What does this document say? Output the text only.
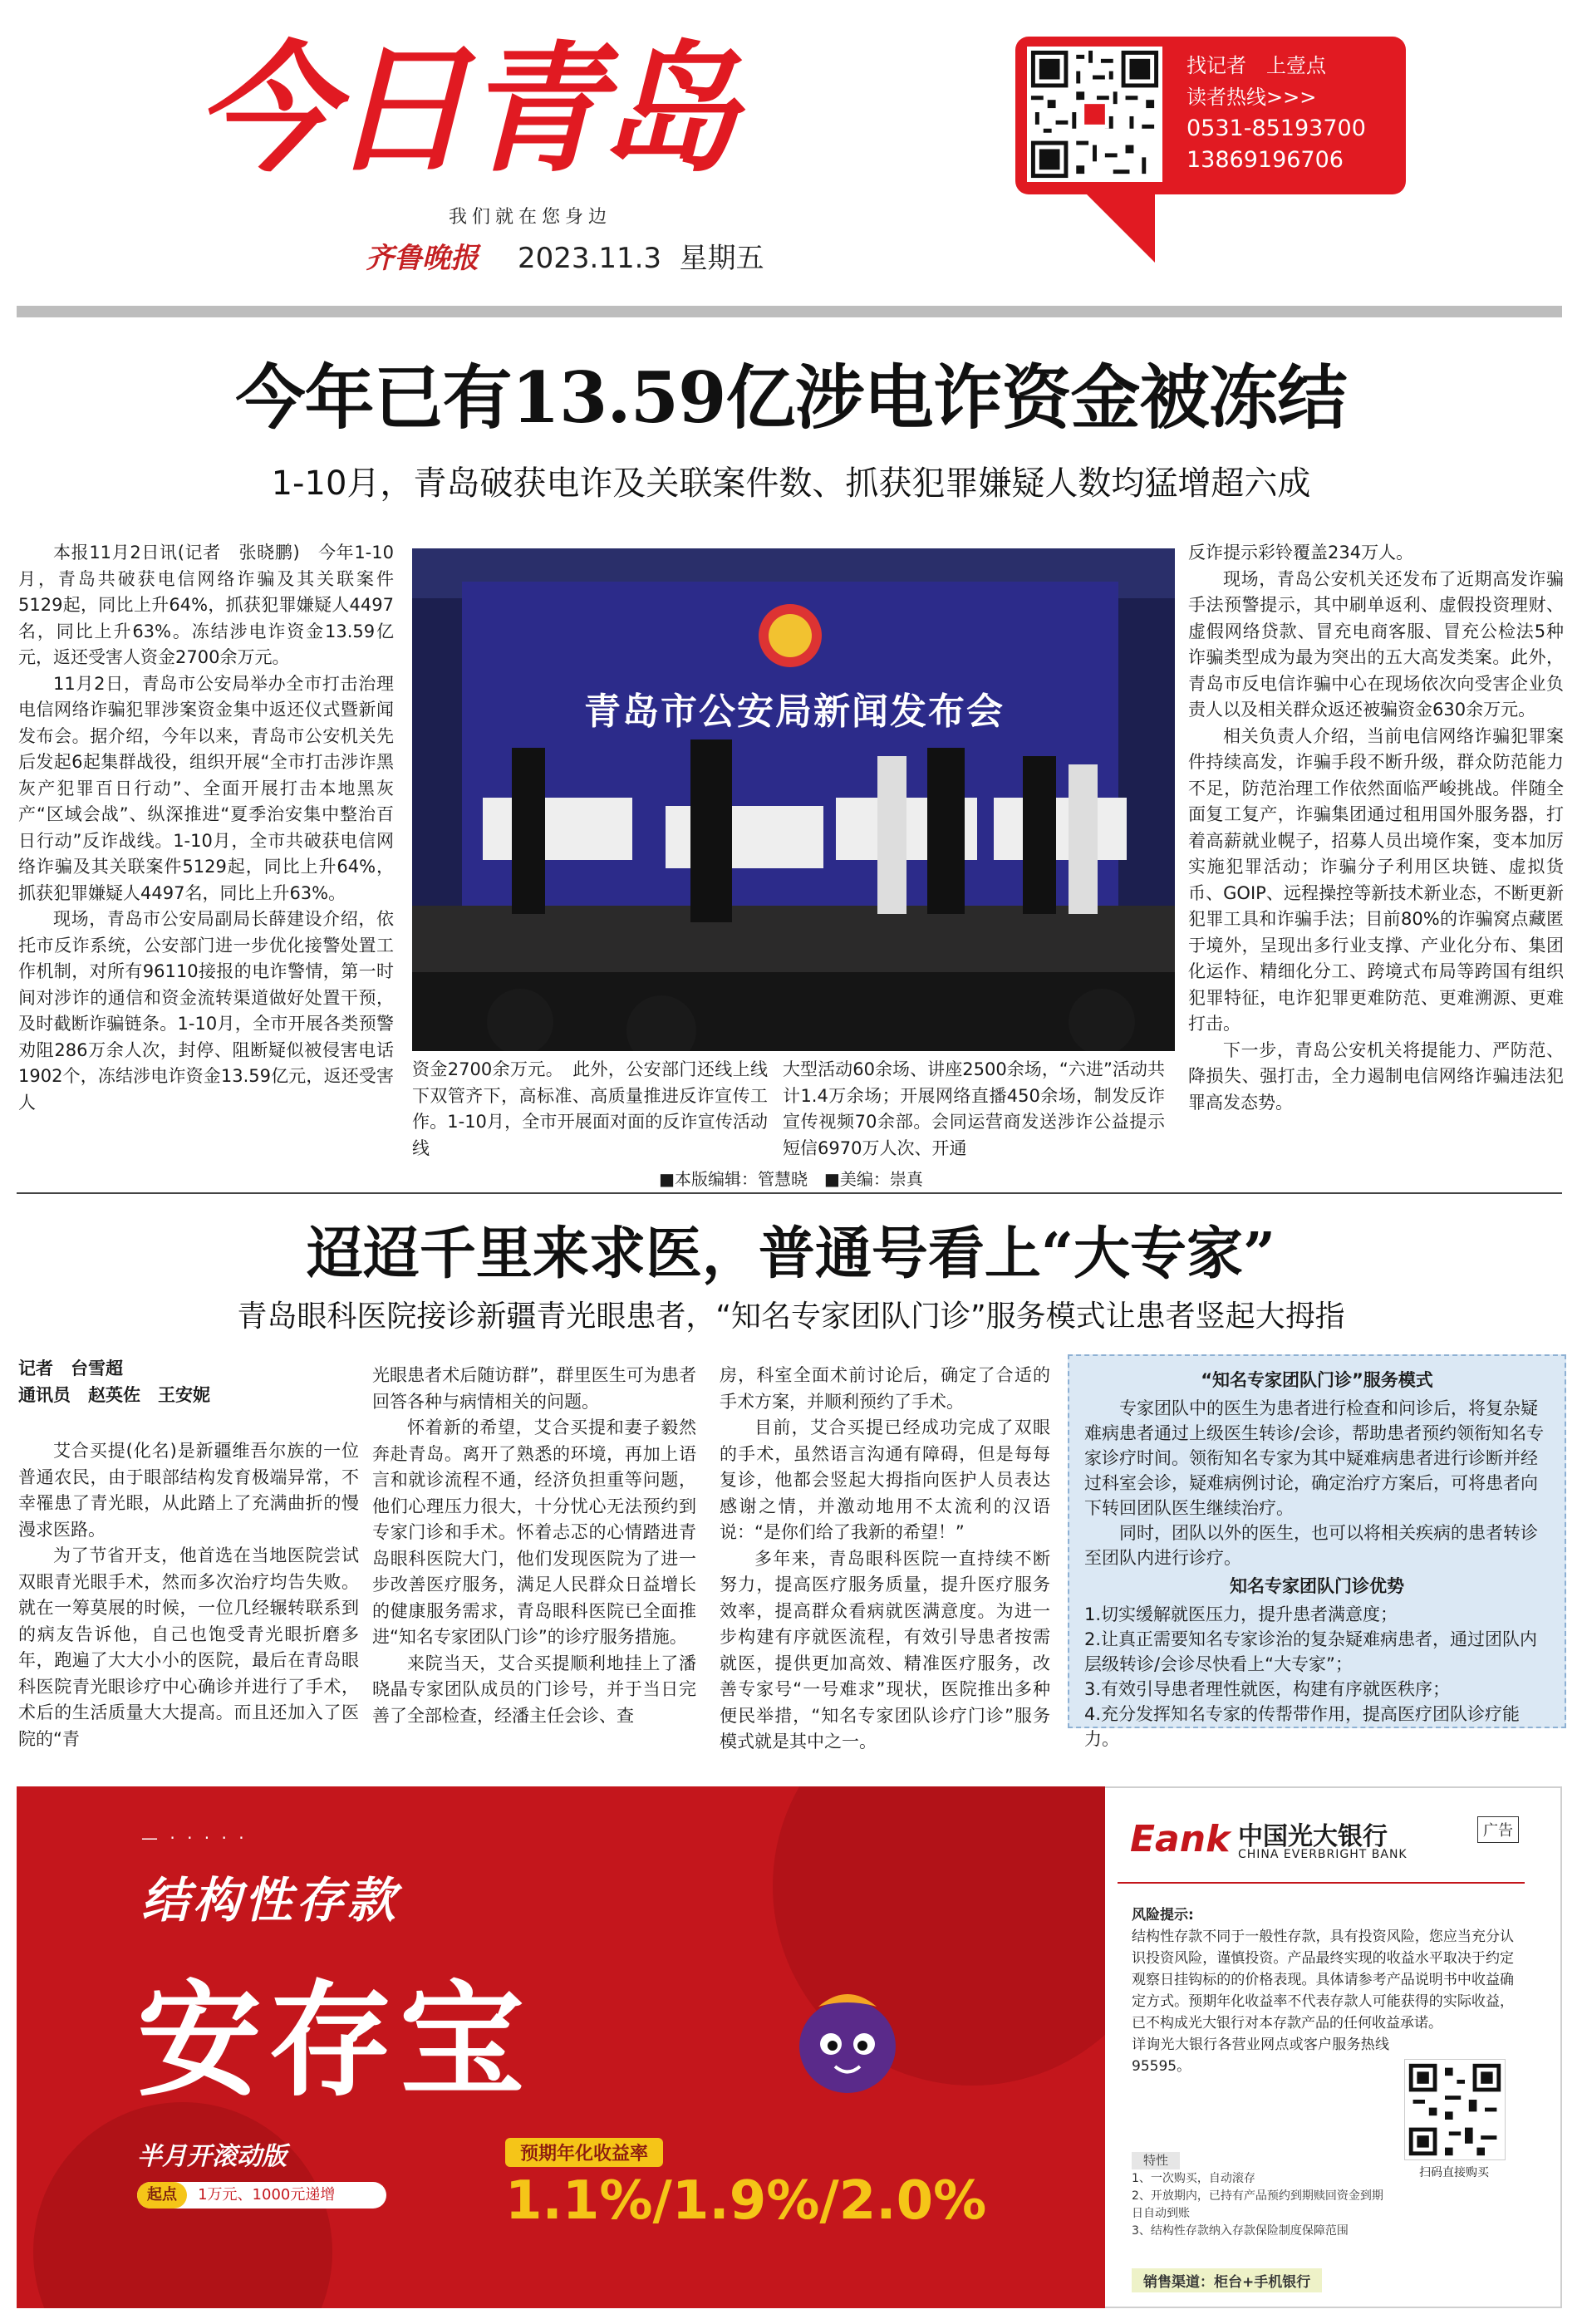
今日青岛
我们就在您身边
齐鲁晚报 2023.11.3 星期五
找记者　上壹点
读者热线>>>
0531-85193700
13869196706
今年已有13.59亿涉电诈资金被冻结
1-10月，青岛破获电诈及关联案件数、抓获犯罪嫌疑人数均猛增超六成

本报11月2日讯(记者　张晓鹏)　今年1-10月，青岛共破获电信网络诈骗及其关联案件5129起，同比上升64%，抓获犯罪嫌疑人4497名，同比上升63%。冻结涉电诈资金13.59亿元，返还受害人资金2700余万元。

11月2日，青岛市公安局举办全市打击治理电信网络诈骗犯罪涉案资金集中返还仪式暨新闻发布会。据介绍，今年以来，青岛市公安机关先后发起6起集群战役，组织开展“全市打击涉诈黑灰产犯罪百日行动”、全面开展打击本地黑灰产“区域会战”、纵深推进“夏季治安集中整治百日行动”反诈战线。1-10月，全市共破获电信网络诈骗及其关联案件5129起，同比上升64%，抓获犯罪嫌疑人4497名，同比上升63%。

现场，青岛市公安局副局长薛建设介绍，依托市反诈系统，公安部门进一步优化接警处置工作机制，对所有96110接报的电诈警情，第一时间对涉诈的通信和资金流转渠道做好处置干预，及时截断诈骗链条。1-10月，全市开展各类预警劝阻286万余人次，封停、阻断疑似被侵害电话1902个，冻结涉电诈资金13.59亿元，返还受害人

青岛市公安局新闻发布会

资金2700余万元。　此外，公安部门还线上线下双管齐下，高标准、高质量推进反诈宣传工作。1-10月，全市开展面对面的反诈宣传活动线

大型活动60余场、讲座2500余场，“六进”活动共计1.4万余场；开展网络直播450余场，制发反诈宣传视频70余部。会同运营商发送涉诈公益提示短信6970万人次、开通

反诈提示彩铃覆盖234万人。

现场，青岛公安机关还发布了近期高发诈骗手法预警提示，其中刷单返利、虚假投资理财、虚假网络贷款、冒充电商客服、冒充公检法5种诈骗类型成为最为突出的五大高发类案。此外，青岛市反电信诈骗中心在现场依次向受害企业负责人以及相关群众返还被骗资金630余万元。

相关负责人介绍，当前电信网络诈骗犯罪案件持续高发，诈骗手段不断升级，群众防范能力不足，防范治理工作依然面临严峻挑战。伴随全面复工复产，诈骗集团通过租用国外服务器，打着高薪就业幌子，招募人员出境作案，变本加厉实施犯罪活动；诈骗分子利用区块链、虚拟货币、GOIP、远程操控等新技术新业态，不断更新犯罪工具和诈骗手法；目前80%的诈骗窝点藏匿于境外，呈现出多行业支撑、产业化分布、集团化运作、精细化分工、跨境式布局等跨国有组织犯罪特征，电诈犯罪更难防范、更难溯源、更难打击。

下一步，青岛公安机关将提能力、严防范、降损失、强打击，全力遏制电信网络诈骗违法犯罪高发态势。

■本版编辑：管慧晓　■美编：崇真
迢迢千里来求医，普通号看上“大专家”
青岛眼科医院接诊新疆青光眼患者，“知名专家团队门诊”服务模式让患者竖起大拇指
记者　台雪超
通讯员　赵英佐　王安妮

艾合买提(化名)是新疆维吾尔族的一位普通农民，由于眼部结构发育极端异常，不幸罹患了青光眼，从此踏上了充满曲折的慢漫求医路。

为了节省开支，他首选在当地医院尝试双眼青光眼手术，然而多次治疗均告失败。就在一筹莫展的时候，一位几经辗转联系到的病友告诉他，自己也饱受青光眼折磨多年，跑遍了大大小小的医院，最后在青岛眼科医院青光眼诊疗中心确诊并进行了手术，术后的生活质量大大提高。而且还加入了医院的“青

光眼患者术后随访群”，群里医生可为患者回答各种与病情相关的问题。

怀着新的希望，艾合买提和妻子毅然奔赴青岛。离开了熟悉的环境，再加上语言和就诊流程不通，经济负担重等问题，他们心理压力很大，十分忧心无法预约到专家门诊和手术。怀着忐忑的心情踏进青岛眼科医院大门，他们发现医院为了进一步改善医疗服务，满足人民群众日益增长的健康服务需求，青岛眼科医院已全面推进“知名专家团队门诊”的诊疗服务措施。

来院当天，艾合买提顺利地挂上了潘晓晶专家团队成员的门诊号，并于当日完善了全部检查，经潘主任会诊、查

房，科室全面术前讨论后，确定了合适的手术方案，并顺利预约了手术。

目前，艾合买提已经成功完成了双眼的手术，虽然语言沟通有障碍，但是每每复诊，他都会竖起大拇指向医护人员表达感谢之情，并激动地用不太流利的汉语说：“是你们给了我新的希望！”

多年来，青岛眼科医院一直持续不断努力，提高医疗服务质量，提升医疗服务效率，提高群众看病就医满意度。为进一步构建有序就医流程，有效引导患者按需就医，提供更加高效、精准医疗服务，改善专家号“一号难求”现状，医院推出多种便民举措，“知名专家团队诊疗门诊”服务模式就是其中之一。

“知名专家团队门诊”服务模式

专家团队中的医生为患者进行检查和问诊后，将复杂疑难病患者通过上级医生转诊/会诊，帮助患者预约领衔知名专家诊疗时间。领衔知名专家为其中疑难病患者进行诊断并经过科室会诊，疑难病例讨论，确定治疗方案后，可将患者向下转回团队医生继续治疗。

同时，团队以外的医生，也可以将相关疾病的患者转诊至团队内进行诊疗。

知名专家团队门诊优势
1.切实缓解就医压力，提升患者满意度；
2.让真正需要知名专家诊治的复杂疑难病患者，通过团队内层级转诊/会诊尽快看上“大专家”；
3.有效引导患者理性就医，构建有序就医秩序；
4.充分发挥知名专家的传帮带作用，提高医疗团队诊疗能力。
— · · · · ·
结构性存款
安存宝
半月开滚动版
起点 1万元、1000元递增
预期年化收益率
1.1%/1.9%/2.0%
Eank 中国光大银行
CHINA EVERBRIGHT BANK
广告
风险提示:
结构性存款不同于一般性存款，具有投资风险，您应当充分认识投资风险，谨慎投资。产品最终实现的收益水平取决于约定观察日挂钩标的的价格表现。具体请参考产品说明书中收益确定方式。预期年化收益率不代表存款人可能获得的实际收益，已不构成光大银行对本存款产品的任何收益承诺。
详询光大银行各营业网点或客户服务热线95595。
扫码直接购买
特性
1、一次购买，自动滚存
2、开放期内，已持有产品预约到期赎回资金到期日自动到账
3、结构性存款纳入存款保险制度保障范围
销售渠道：柜台+手机银行
